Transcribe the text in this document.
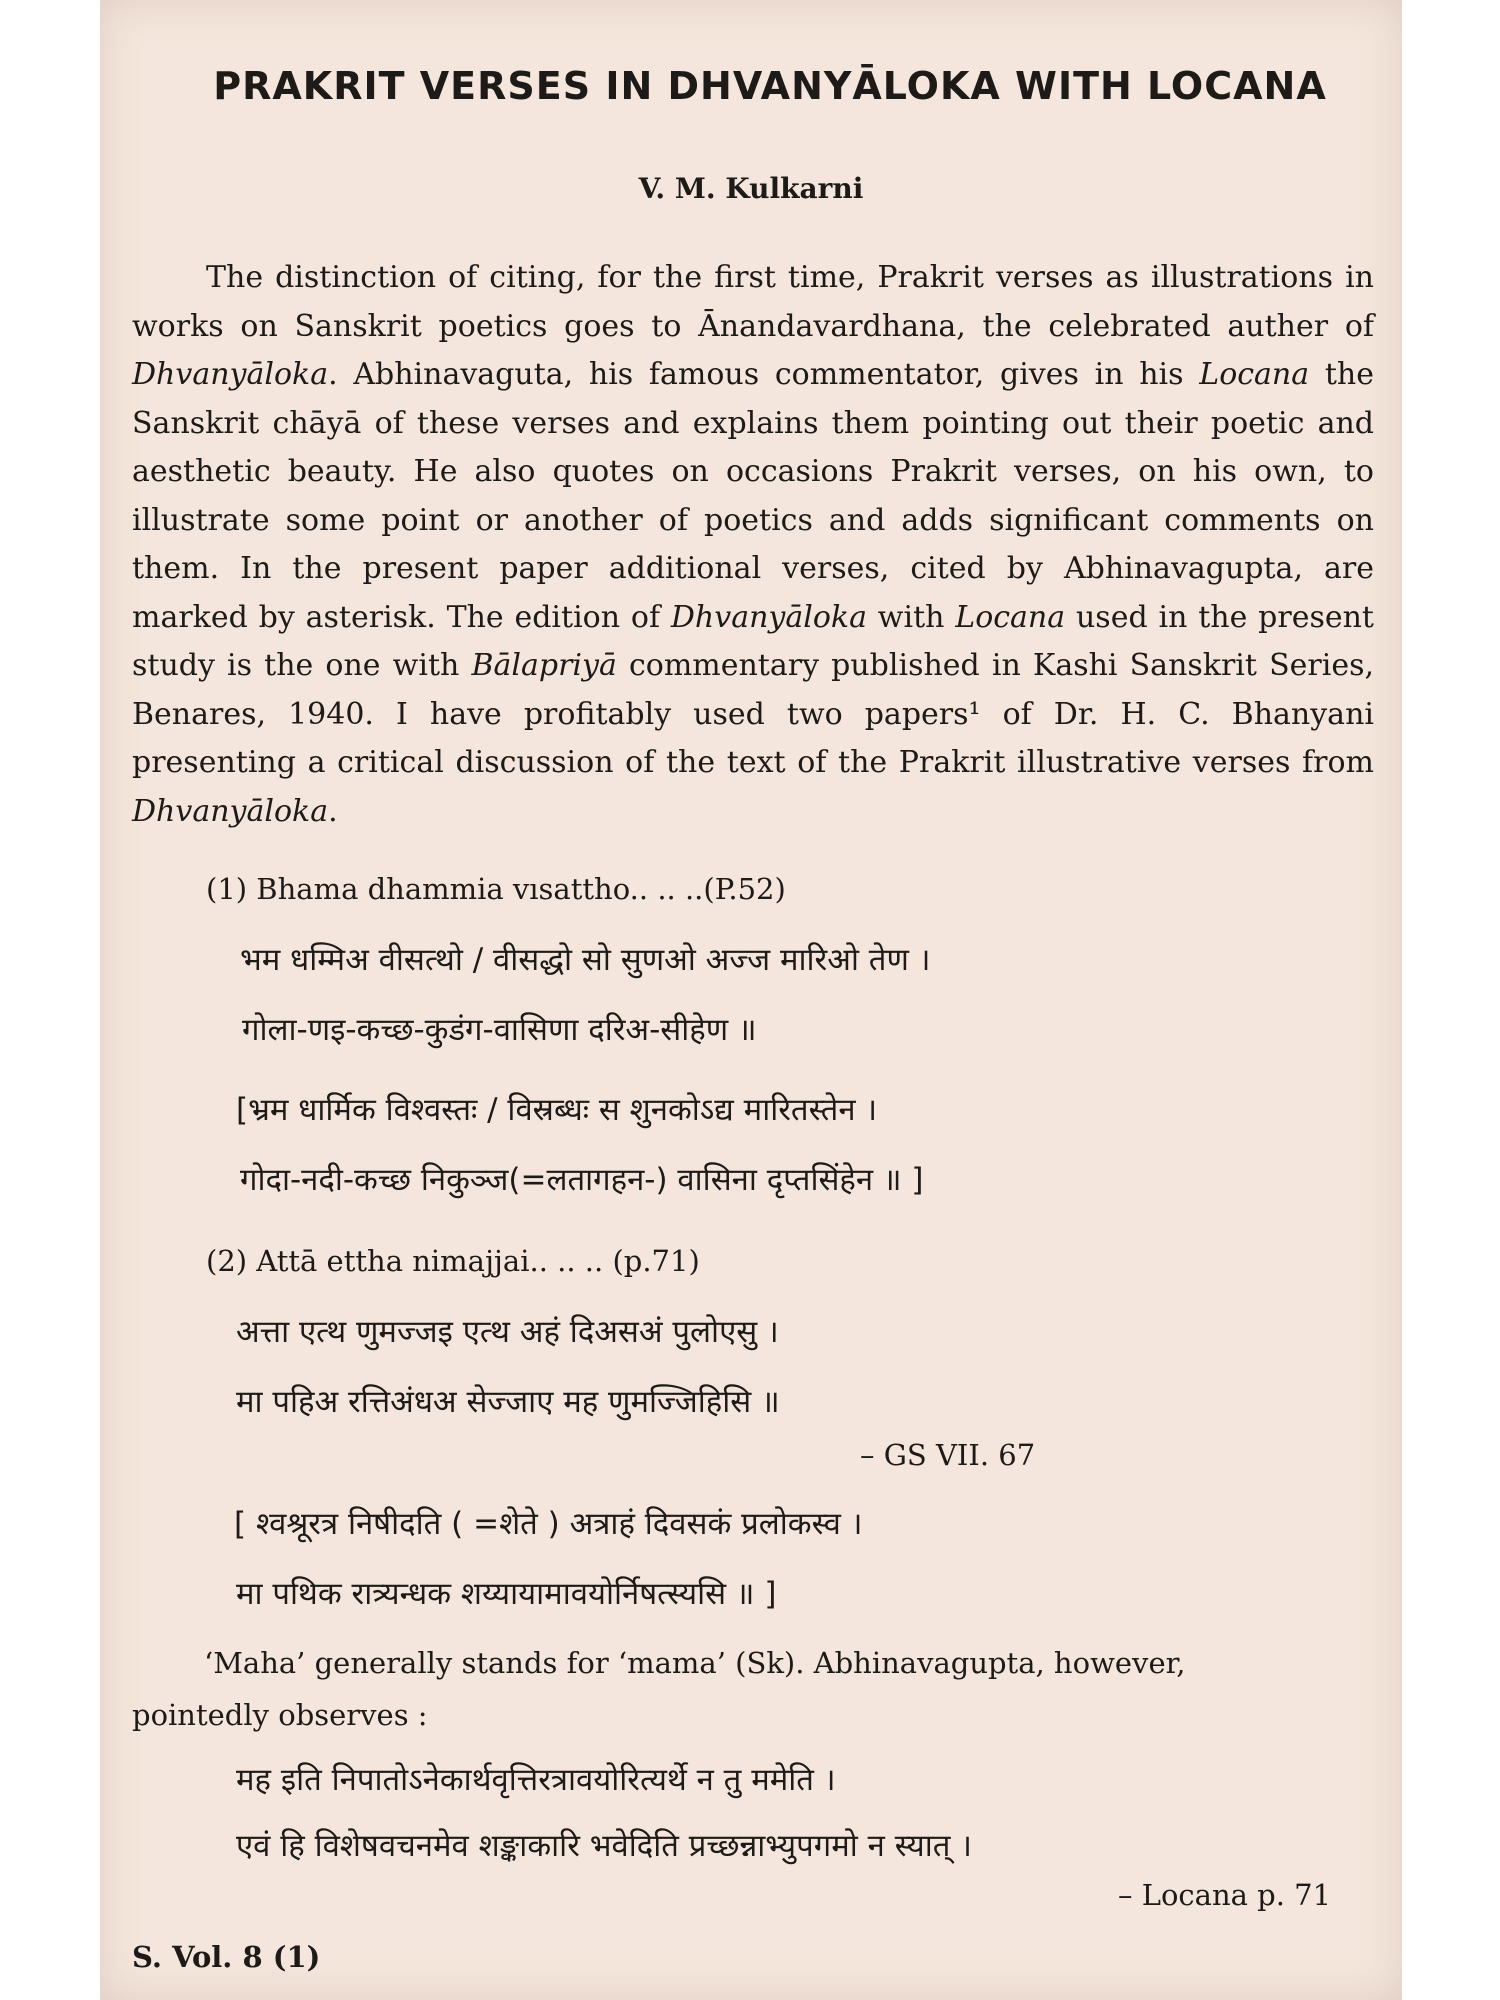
PRAKRIT VERSES IN DHVANYĀLOKA WITH LOCANA
V. M. Kulkarni

The distinction of citing, for the first time, Prakrit verses as illustrations in works on Sanskrit poetics goes to Ānandavardhana, the celebrated auther of Dhvanyāloka. Abhinavaguta, his famous commentator, gives in his Locana the Sanskrit chāyā of these verses and explains them pointing out their poetic and aesthetic beauty. He also quotes on occasions Prakrit verses, on his own, to illustrate some point or another of poetics and adds significant comments on them. In the present paper additional verses, cited by Abhinavagupta, are marked by asterisk. The edition of Dhvanyāloka with Locana used in the present study is the one with Bālapriyā commentary published in Kashi Sanskrit Series, Benares, 1940. I have profitably used two papers¹ of Dr. H. C. Bhanyani presenting a critical discussion of the text of the Prakrit illustrative verses from Dhvanyāloka.

(1) Bhama dhammia vısattho.. .. ..(P.52)
भम धम्मिअ वीसत्थो / वीसद्धो सो सुणओ अज्ज मारिओ तेण ।
गोला-णइ-कच्छ-कुडंग-वासिणा दरिअ-सीहेण ॥
[भ्रम धार्मिक विश्वस्तः / विस्रब्धः स शुनकोऽद्य मारितस्तेन ।
गोदा-नदी-कच्छ निकुञ्ज(=लतागहन-) वासिना दृप्तसिंहेन ॥ ]
(2) Attā ettha nimajjai.. .. .. (p.71)
अत्ता एत्थ णुमज्जइ एत्थ अहं दिअसअं पुलोएसु ।
मा पहिअ रत्तिअंधअ सेज्जाए मह णुमज्जिहिसि ॥
– GS VII. 67
[ श्वश्रूरत्र निषीदति ( =शेते ) अत्राहं दिवसकं प्रलोकस्व ।
मा पथिक रात्र्यन्धक शय्यायामावयोर्निषत्स्यसि ॥ ]
‘Maha’ generally stands for ‘mama’ (Sk). Abhinavagupta, however,
pointedly observes :
मह इति निपातोऽनेकार्थवृत्तिरत्रावयोरित्यर्थे न तु ममेति ।
एवं हि विशेषवचनमेव शङ्काकारि भवेदिति प्रच्छन्नाभ्युपगमो न स्यात् ।
– Locana p. 71
S. Vol. 8 (1)
